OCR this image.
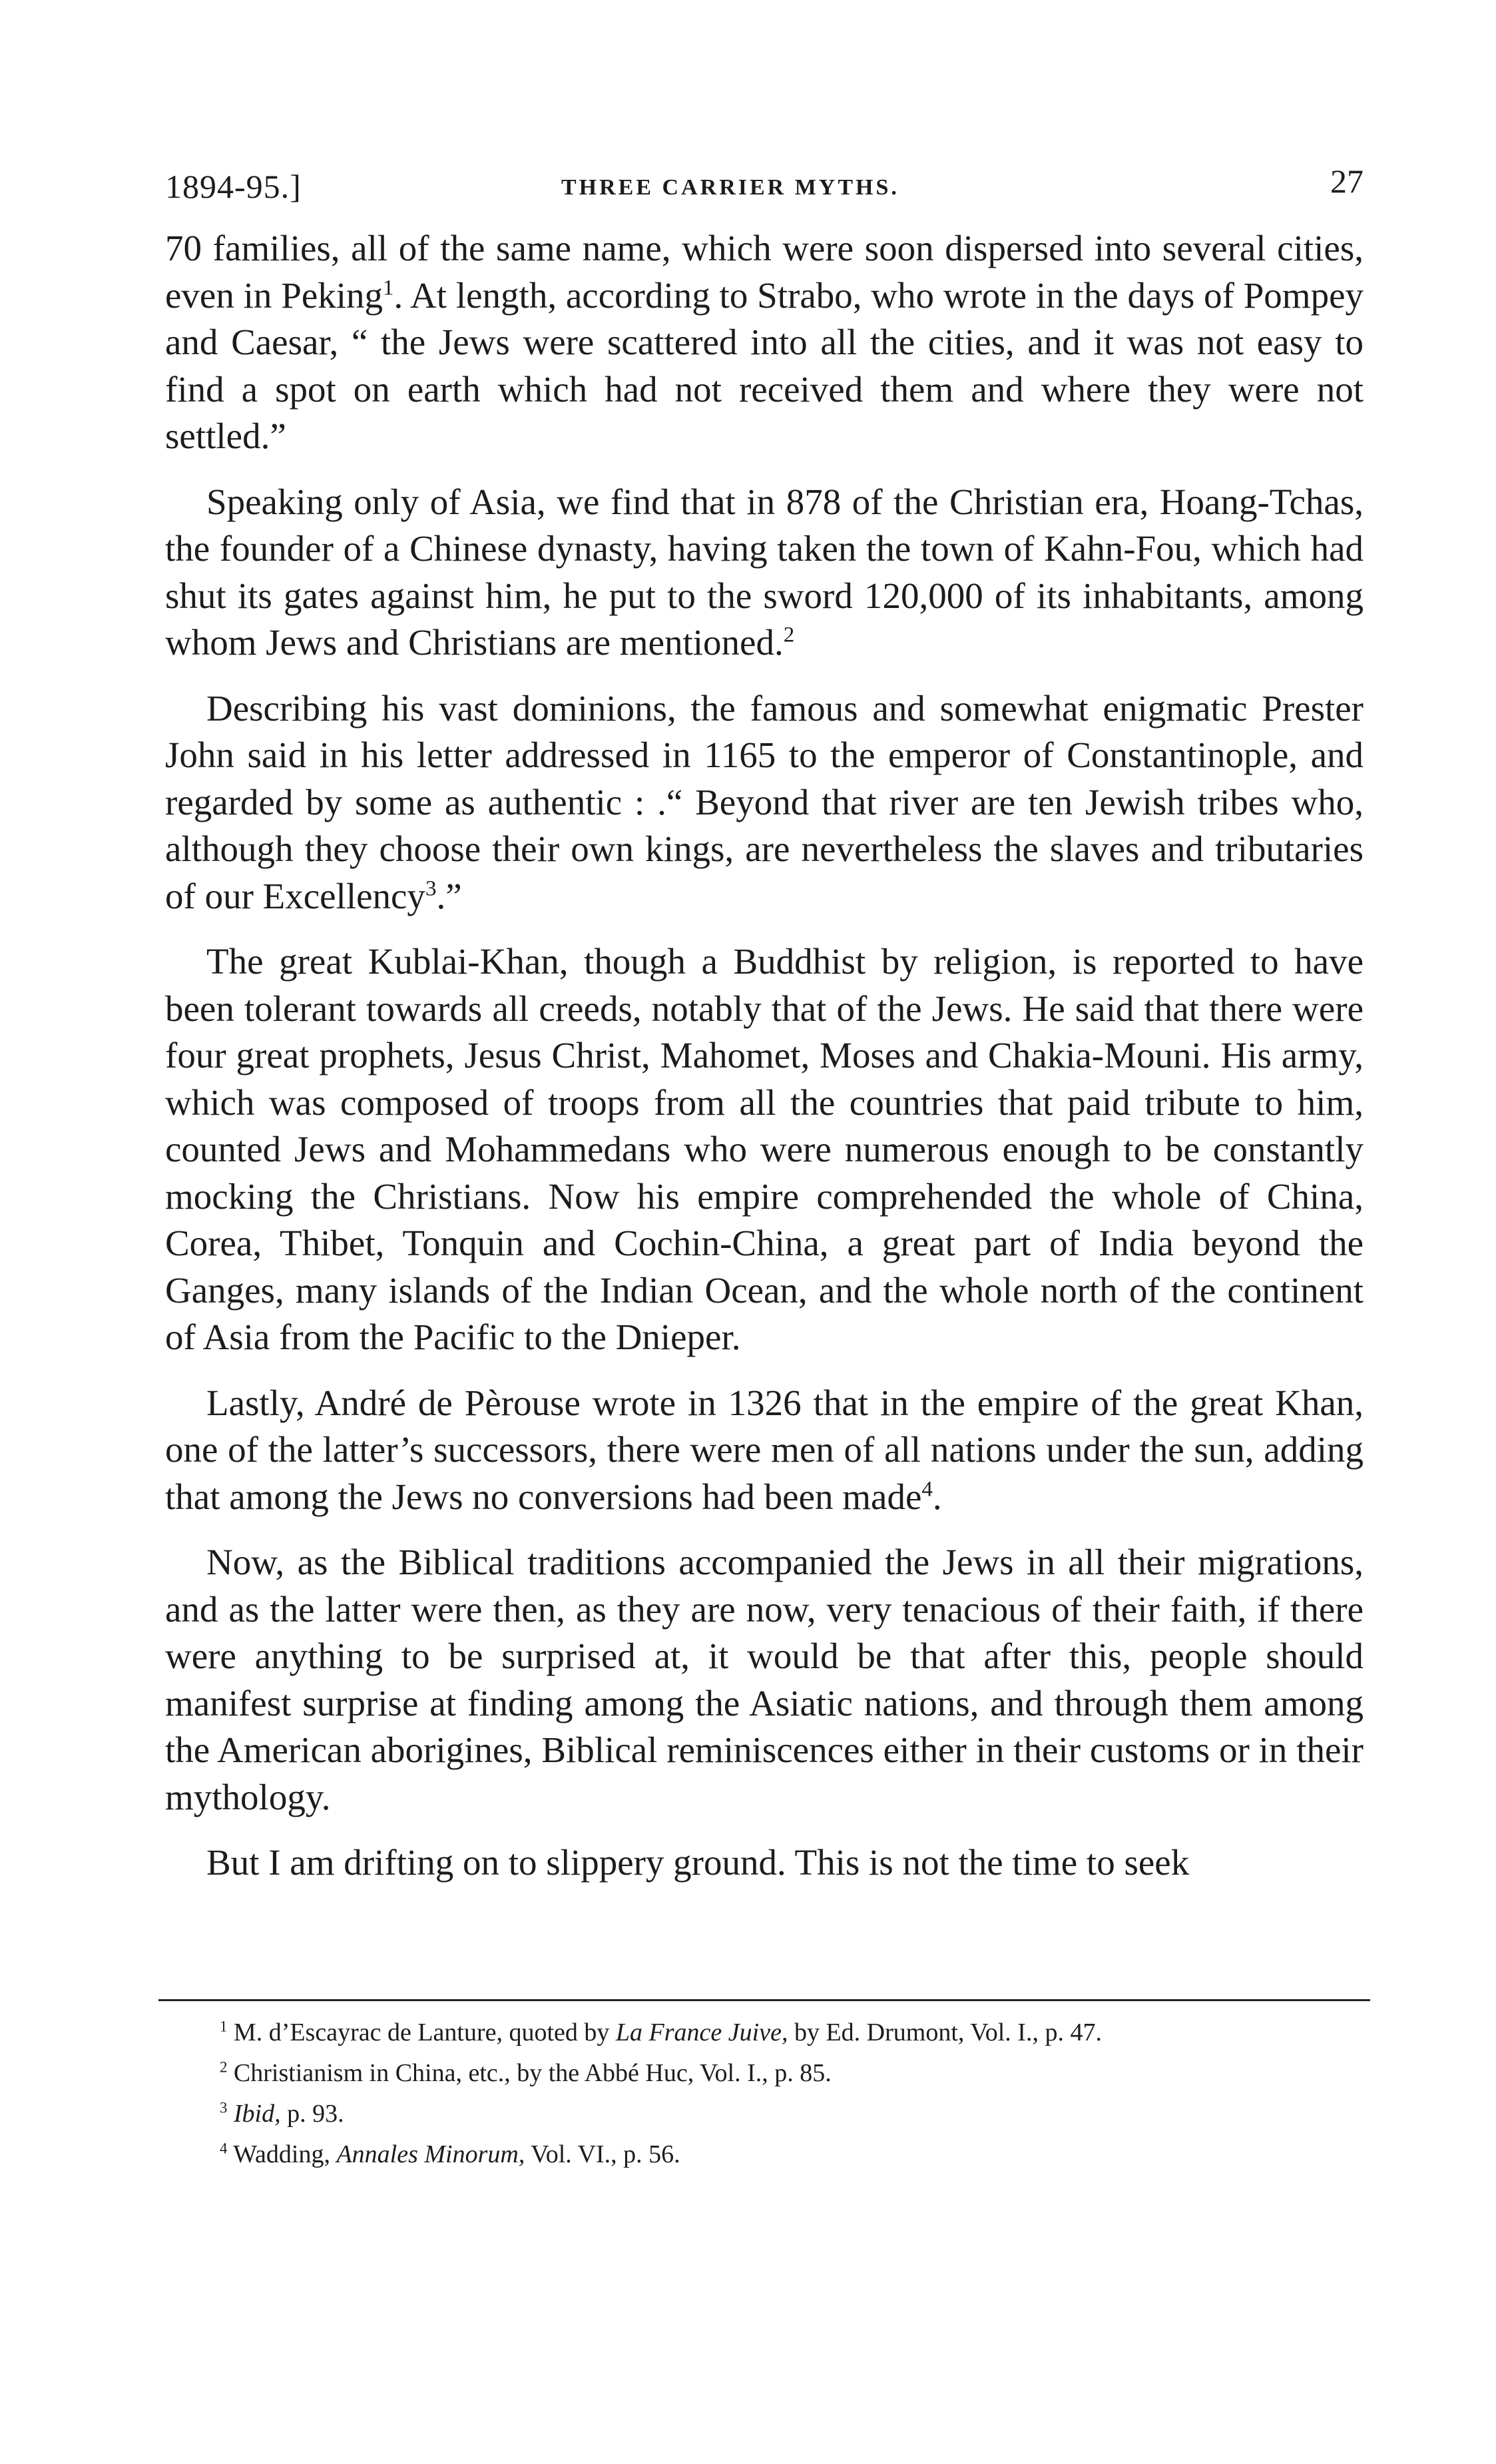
1894-95.]	THREE CARRIER MYTHS.	27

70 families, all of the same name, which were soon dispersed into several cities, even in Peking$^1$. At length, according to Strabo, who wrote in the days of Pompey and Caesar, “ the Jews were scattered into all the cities, and it was not easy to find a spot on earth which had not received them and where they were not settled.”

Speaking only of Asia, we find that in 878 of the Christian era, Hoang-Tchas, the founder of a Chinese dynasty, having taken the town of Kahn-Fou, which had shut its gates against him, he put to the sword 120,000 of its inhabitants, among whom Jews and Christians are mentioned.$^2$

Describing his vast dominions, the famous and somewhat enigmatic Prester John said in his letter addressed in 1165 to the emperor of Constantinople, and regarded by some as authentic : .“ Beyond that river are ten Jewish tribes who, although they choose their own kings, are nevertheless the slaves and tributaries of our Excellency$^3$.”

The great Kublai-Khan, though a Buddhist by religion, is reported to have been tolerant towards all creeds, notably that of the Jews. He said that there were four great prophets, Jesus Christ, Mahomet, Moses and Chakia-Mouni. His army, which was composed of troops from all the countries that paid tribute to him, counted Jews and Mohammedans who were numerous enough to be constantly mocking the Christians. Now his empire comprehended the whole of China, Corea, Thibet, Tonquin and Cochin-China, a great part of India beyond the Ganges, many islands of the Indian Ocean, and the whole north of the continent of Asia from the Pacific to the Dnieper.

Lastly, André de Pèrouse wrote in 1326 that in the empire of the great Khan, one of the latter’s successors, there were men of all nations under the sun, adding that among the Jews no conversions had been made$^4$.

Now, as the Biblical traditions accompanied the Jews in all their migrations, and as the latter were then, as they are now, very tenacious of their faith, if there were anything to be surprised at, it would be that after this, people should manifest surprise at finding among the Asiatic nations, and through them among the American aborigines, Biblical reminiscences either in their customs or in their mythology.

But I am drifting on to slippery ground. This is not the time to seek

$^1$ M. d’Escayrac de Lanture, quoted by La France Juive, by Ed. Drumont, Vol. I., p. 47.

$^2$ Christianism in China, etc., by the Abbé Huc, Vol. I., p. 85.

$^3$ Ibid, p. 93.

$^4$ Wadding, Annales Minorum, Vol. VI., p. 56.
